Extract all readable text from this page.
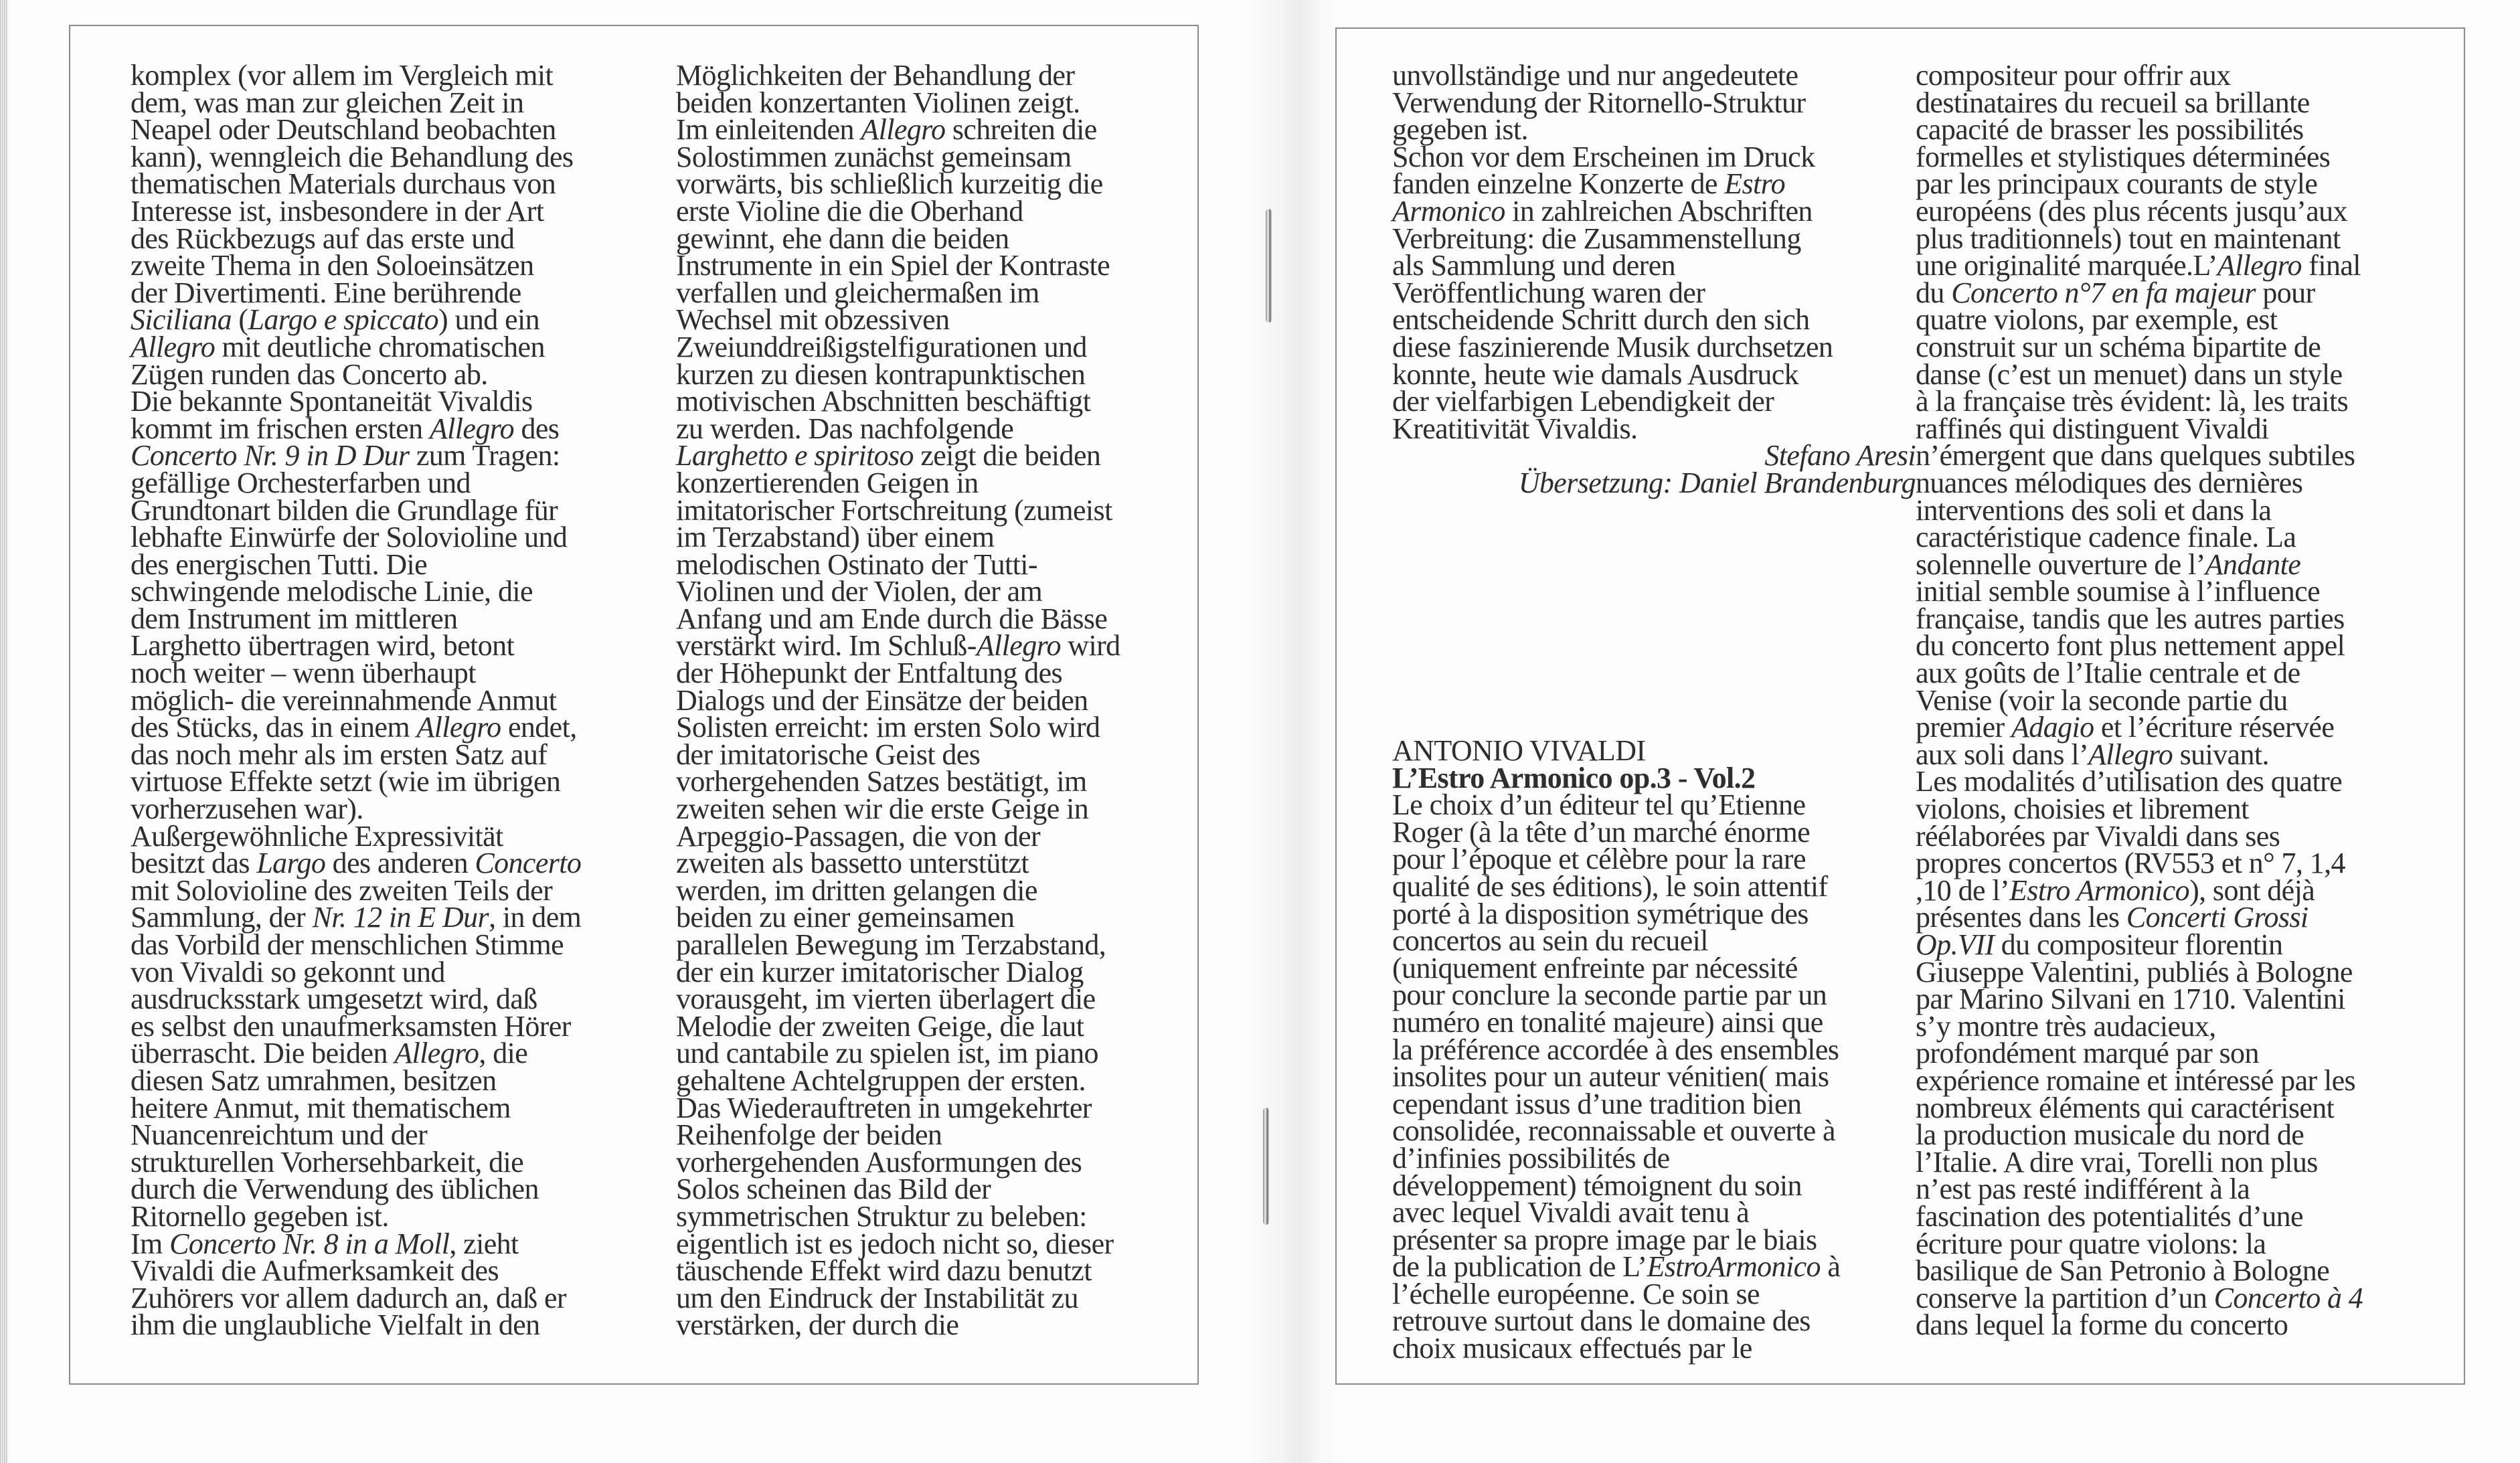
komplex (vor allem im Vergleich mit
dem, was man zur gleichen Zeit in
Neapel oder Deutschland beobachten
kann), wenngleich die Behandlung des
thematischen Materials durchaus von
Interesse ist, insbesondere in der Art
des Rückbezugs auf das erste und
zweite Thema in den Soloeinsätzen
der Divertimenti. Eine berührende
Siciliana (Largo e spiccato) und ein
Allegro mit deutliche chromatischen
Zügen runden das Concerto ab.
Die bekannte Spontaneität Vivaldis
kommt im frischen ersten Allegro des
Concerto Nr. 9 in D Dur zum Tragen:
gefällige Orchesterfarben und
Grundtonart bilden die Grundlage für
lebhafte Einwürfe der Solovioline und
des energischen Tutti. Die
schwingende melodische Linie, die
dem Instrument im mittleren
Larghetto übertragen wird, betont
noch weiter – wenn überhaupt
möglich- die vereinnahmende Anmut
des Stücks, das in einem Allegro endet,
das noch mehr als im ersten Satz auf
virtuose Effekte setzt (wie im übrigen
vorherzusehen war).
Außergewöhnliche Expressivität
besitzt das Largo des anderen Concerto
mit Solovioline des zweiten Teils der
Sammlung, der Nr. 12 in E Dur, in dem
das Vorbild der menschlichen Stimme
von Vivaldi so gekonnt und
ausdrucksstark umgesetzt wird, daß
es selbst den unaufmerksamsten Hörer
überrascht. Die beiden Allegro, die
diesen Satz umrahmen, besitzen
heitere Anmut, mit thematischem
Nuancenreichtum und der
strukturellen Vorhersehbarkeit, die
durch die Verwendung des üblichen
Ritornello gegeben ist.
Im Concerto Nr. 8 in a Moll, zieht
Vivaldi die Aufmerksamkeit des
Zuhörers vor allem dadurch an, daß er
ihm die unglaubliche Vielfalt in den
Möglichkeiten der Behandlung der
beiden konzertanten Violinen zeigt.
Im einleitenden Allegro schreiten die
Solostimmen zunächst gemeinsam
vorwärts, bis schließlich kurzeitig die
erste Violine die die Oberhand
gewinnt, ehe dann die beiden
Instrumente in ein Spiel der Kontraste
verfallen und gleichermaßen im
Wechsel mit obzessiven
Zweiunddreißigstelfigurationen und
kurzen zu diesen kontrapunktischen
motivischen Abschnitten beschäftigt
zu werden. Das nachfolgende
Larghetto e spiritoso zeigt die beiden
konzertierenden Geigen in
imitatorischer Fortschreitung (zumeist
im Terzabstand) über einem
melodischen Ostinato der Tutti-
Violinen und der Violen, der am
Anfang und am Ende durch die Bässe
verstärkt wird. Im Schluß-Allegro wird
der Höhepunkt der Entfaltung des
Dialogs und der Einsätze der beiden
Solisten erreicht: im ersten Solo wird
der imitatorische Geist des
vorhergehenden Satzes bestätigt, im
zweiten sehen wir die erste Geige in
Arpeggio-Passagen, die von der
zweiten als bassetto unterstützt
werden, im dritten gelangen die
beiden zu einer gemeinsamen
parallelen Bewegung im Terzabstand,
der ein kurzer imitatorischer Dialog
vorausgeht, im vierten überlagert die
Melodie der zweiten Geige, die laut
und cantabile zu spielen ist, im piano
gehaltene Achtelgruppen der ersten.
Das Wiederauftreten in umgekehrter
Reihenfolge der beiden
vorhergehenden Ausformungen des
Solos scheinen das Bild der
symmetrischen Struktur zu beleben:
eigentlich ist es jedoch nicht so, dieser
täuschende Effekt wird dazu benutzt
um den Eindruck der Instabilität zu
verstärken, der durch die
unvollständige und nur angedeutete
Verwendung der Ritornello-Struktur
gegeben ist.
Schon vor dem Erscheinen im Druck
fanden einzelne Konzerte de Estro
Armonico in zahlreichen Abschriften
Verbreitung: die Zusammenstellung
als Sammlung und deren
Veröffentlichung waren der
entscheidende Schritt durch den sich
diese faszinierende Musik durchsetzen
konnte, heute wie damals Ausdruck
der vielfarbigen Lebendigkeit der
Kreatitivität Vivaldis.
Stefano Aresi
Übersetzung: Daniel Brandenburg
ANTONIO VIVALDI
L’Estro Armonico op.3 - Vol.2
Le choix d’un éditeur tel qu’Etienne
Roger (à la tête d’un marché énorme
pour l’époque et célèbre pour la rare
qualité de ses éditions), le soin attentif
porté à la disposition symétrique des
concertos au sein du recueil
(uniquement enfreinte par nécessité
pour conclure la seconde partie par un
numéro en tonalité majeure) ainsi que
la préférence accordée à des ensembles
insolites pour un auteur vénitien( mais
cependant issus d’une tradition bien
consolidée, reconnaissable et ouverte à
d’infinies possibilités de
développement) témoignent du soin
avec lequel Vivaldi avait tenu à
présenter sa propre image par le biais
de la publication de L’EstroArmonico à
l’échelle européenne. Ce soin se
retrouve surtout dans le domaine des
choix musicaux effectués par le
compositeur pour offrir aux
destinataires du recueil sa brillante
capacité de brasser les possibilités
formelles et stylistiques déterminées
par les principaux courants de style
européens (des plus récents jusqu’aux
plus traditionnels) tout en maintenant
une originalité marquée.L’Allegro final
du Concerto n°7 en fa majeur pour
quatre violons, par exemple, est
construit sur un schéma bipartite de
danse (c’est un menuet) dans un style
à la française très évident: là, les traits
raffinés qui distinguent Vivaldi
n’émergent que dans quelques subtiles
nuances mélodiques des dernières
interventions des soli et dans la
caractéristique cadence finale. La
solennelle ouverture de l’Andante
initial semble soumise à l’influence
française, tandis que les autres parties
du concerto font plus nettement appel
aux goûts de l’Italie centrale et de
Venise (voir la seconde partie du
premier Adagio et l’écriture réservée
aux soli dans l’Allegro suivant.
Les modalités d’utilisation des quatre
violons, choisies et librement
réélaborées par Vivaldi dans ses
propres concertos (RV553 et n° 7, 1,4
,10 de l’Estro Armonico), sont déjà
présentes dans les Concerti Grossi
Op.VII du compositeur florentin
Giuseppe Valentini, publiés à Bologne
par Marino Silvani en 1710. Valentini
s’y montre très audacieux,
profondément marqué par son
expérience romaine et intéressé par les
nombreux éléments qui caractérisent
la production musicale du nord de
l’Italie. A dire vrai, Torelli non plus
n’est pas resté indifférent à la
fascination des potentialités d’une
écriture pour quatre violons: la
basilique de San Petronio à Bologne
conserve la partition d’un Concerto à 4
dans lequel la forme du concerto
